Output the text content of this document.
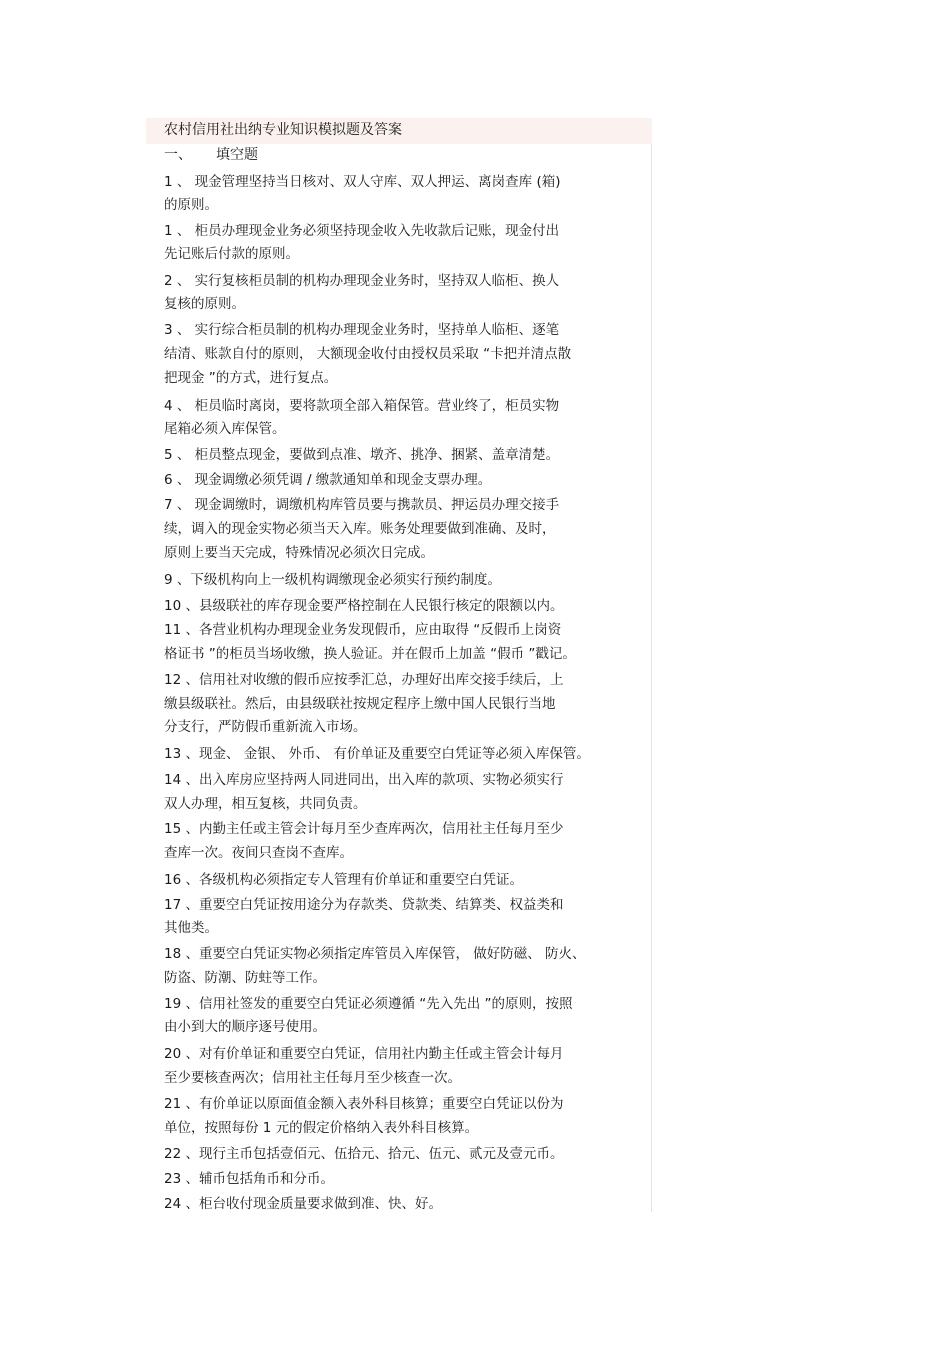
农村信用社出纳专业知识模拟题及答案
一、 填空题
1 、 现金管理坚持当日核对、双人守库、双人押运、离岗查库 (箱)
的原则。
1 、 柜员办理现金业务必须坚持现金收入先收款后记账，现金付出
先记账后付款的原则。
2 、 实行复核柜员制的机构办理现金业务时，坚持双人临柜、换人
复核的原则。
3 、 实行综合柜员制的机构办理现金业务时，坚持单人临柜、逐笔
结清、账款自付的原则， 大额现金收付由授权员采取 “卡把并清点散
把现金 ”的方式，进行复点。
4 、 柜员临时离岗，要将款项全部入箱保管。营业终了，柜员实物
尾箱必须入库保管。
5 、 柜员整点现金，要做到点准、墩齐、挑净、捆紧、盖章清楚。
6 、 现金调缴必须凭调 / 缴款通知单和现金支票办理。
7 、 现金调缴时，调缴机构库管员要与携款员、押运员办理交接手
续，调入的现金实物必须当天入库。账务处理要做到准确、及时，
原则上要当天完成，特殊情况必须次日完成。
9 、下级机构向上一级机构调缴现金必须实行预约制度。
10 、县级联社的库存现金要严格控制在人民银行核定的限额以内。
11 、各营业机构办理现金业务发现假币，应由取得 “反假币上岗资
格证书 ”的柜员当场收缴，换人验证。并在假币上加盖 “假币 ”戳记。
12 、信用社对收缴的假币应按季汇总，办理好出库交接手续后，上
缴县级联社。然后，由县级联社按规定程序上缴中国人民银行当地
分支行，严防假币重新流入市场。
13 、现金、 金银、 外币、 有价单证及重要空白凭证等必须入库保管。
14 、出入库房应坚持两人同进同出，出入库的款项、实物必须实行
双人办理，相互复核，共同负责。
15 、内勤主任或主管会计每月至少查库两次，信用社主任每月至少
查库一次。夜间只查岗不查库。
16 、各级机构必须指定专人管理有价单证和重要空白凭证。
17 、重要空白凭证按用途分为存款类、贷款类、结算类、权益类和
其他类。
18 、重要空白凭证实物必须指定库管员入库保管， 做好防磁、 防火、
防盗、防潮、防蛀等工作。
19 、信用社签发的重要空白凭证必须遵循 “先入先出 ”的原则，按照
由小到大的顺序逐号使用。
20 、对有价单证和重要空白凭证，信用社内勤主任或主管会计每月
至少要核查两次；信用社主任每月至少核查一次。
21 、有价单证以原面值金额入表外科目核算；重要空白凭证以份为
单位，按照每份 1 元的假定价格纳入表外科目核算。
22 、现行主币包括壹佰元、伍拾元、拾元、伍元、贰元及壹元币。
23 、辅币包括角币和分币。
24 、柜台收付现金质量要求做到准、快、好。
